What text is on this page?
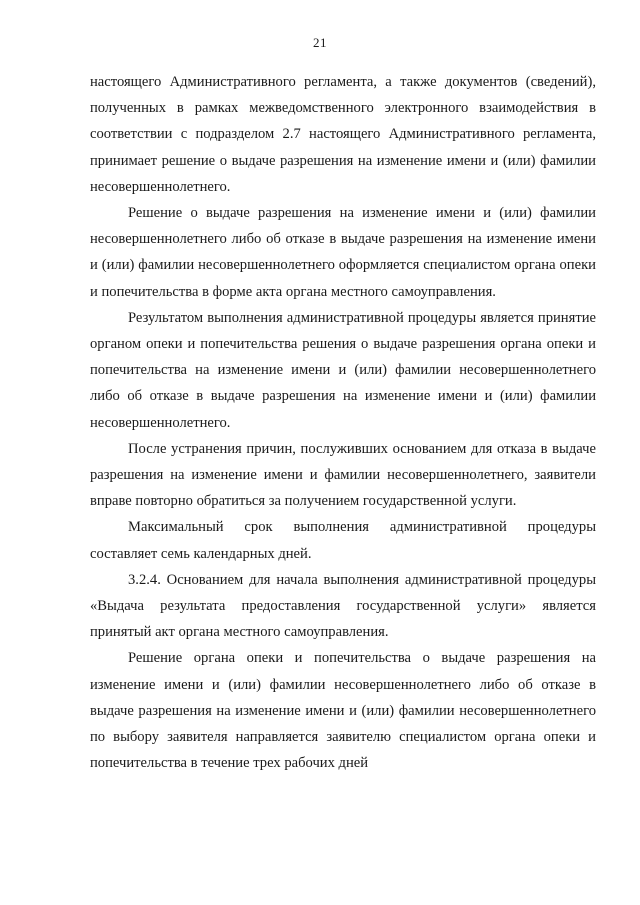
21

настоящего Административного регламента, а также документов (сведений), полученных в рамках межведомственного электронного взаимодействия в соответствии с подразделом 2.7 настоящего Административного регламента, принимает решение о выдаче разрешения на изменение имени и (или) фамилии несовершеннолетнего.

Решение о выдаче разрешения на изменение имени и (или) фамилии несовершеннолетнего либо об отказе в выдаче разрешения на изменение имени и (или) фамилии несовершеннолетнего оформляется специалистом органа опеки и попечительства в форме акта органа местного самоуправления.

Результатом выполнения административной процедуры является принятие органом опеки и попечительства решения о выдаче разрешения органа опеки и попечительства на изменение имени и (или) фамилии несовершеннолетнего либо об отказе в выдаче разрешения на изменение имени и (или) фамилии несовершеннолетнего.

После устранения причин, послуживших основанием для отказа в выдаче разрешения на изменение имени и фамилии несовершеннолетнего, заявители вправе повторно обратиться за получением государственной услуги.

Максимальный срок выполнения административной процедуры составляет семь календарных дней.

3.2.4. Основанием для начала выполнения административной процедуры «Выдача результата предоставления государственной услуги» является принятый акт органа местного самоуправления.

Решение органа опеки и попечительства о выдаче разрешения на изменение имени и (или) фамилии несовершеннолетнего либо об отказе в выдаче разрешения на изменение имени и (или) фамилии несовершеннолетнего по выбору заявителя направляется заявителю специалистом органа опеки и попечительства в течение трех рабочих дней
